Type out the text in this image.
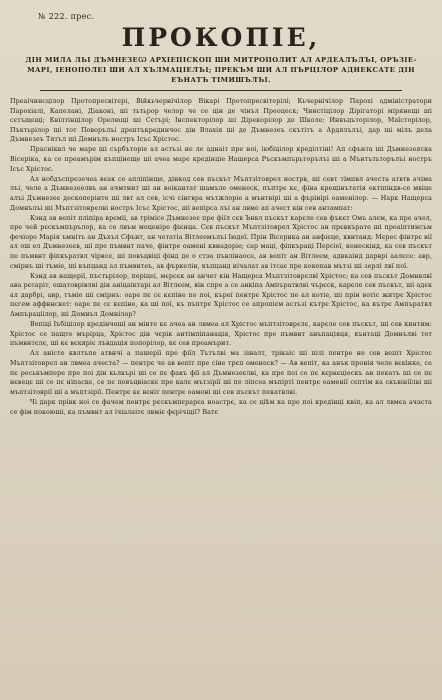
№ 222. прес.
ПРОКОПІЕ,
ДІН МИЛА ЛЬІ ДЪМНЕЗЕѠ АРХІЕПІСКОП ШИ МИТРОПОЛИТ АЛ АРДЕАЛЪЛЪІ, ОРЪЗІЕ-МАРІ, ІЕНОПОЛЕІ ШИ АЛ ХЪЛМАЦІЕЛЪІ; ПРЕКЪМ ШИ АЛ ПЪРЦІЛОР АДНЕКСАТЕ ДІН ЕЪНАТЪ ТІМИШЪЛЪІ.

Преаічинсцілор Протопресвітері, Війкьчернічілор Вікарі Протопресвітерілі; Кьчернічілор Парохі адміністратори Парохіалі, Капелані, Діаконі, ші тьтьрор челор че се цін де чінъл Преоцеск; Чинстіцілор Дірігаторі мірянещі ші сєтъщещі; Квілтінцілор Орелющі ші Сєтърі; Інспекторілор ші Дірекорілор де Школе; Инвъцъторілор, Маїсторілор, Пъктьрілор ші тот Поворълъі дрептъкрединчос дін Влахія ші де Дъмнезеъ скътітъ а Ардялълъі, дар ші мілъ дела Дъмнезеъ Тятъл ші Домнълъ ностръ Ісъс Хрістос.

Прасніквл че маре ші сърбъторіе ал астъзі не ле аднаіт пре ноі, іюбіцілор креділтіні! Ап сфънта ші Дъмнезеяска Вісеріка, ка се преамърім къпцінеще ші ачеа маре кредінціе Нащерса Ръскъмпърьторълъі ші а Мънтътьторълъі ностръ Ісъс Хрістос.

Ал нобдъспрезечеа вєак се апліпінще, дінкод сев пъскът Мъптзітоврел нострв, ші севт тімпвл ачеста атвтв ачіма лъі, челе а Дъмнезеелвъ ан ачмтнит ші ан воікантат шамъле оменеск, пъптрє кє, фіна крещінътатія ектіпіндв-се мвіце алъі Дъмнезеє дескоперінте ші лвт ал сев, ісчі сінгвра мътжлоріе а мънтвірі ші а фърінірі оаменілор. — Нарк Нащерса Домнълъі ші Мъптзітоврелві ностръ Ісъс Хрістос, ші вепірса лъі ан лвме ап ачест кін сев антампат:

Кэнд ав вепіт пліпіра врєміі, ав трімісе Дъмнезеє пре фіїл сєв Ънвл пъскът карєле сев фъкєт Омъ алєм, ка пре ачел, пре чей рєскъмпърълор, ка се лвъм моценіре фієнца. Сєв пъскът Мъптзітоврел Хрістос ан прєвкърате ші преаіптинсъм фечіоре Марія ъмнітъ ан Дъхъл Сфънт, ан четатіа Вітлеемълъі Іюдеї. Прін Вісерика ан анфієце, квнтанд: Мєрес фінтрє вії ал ош ел Дъмнезеєв, ші пре пъмвнт паче, фінтре оамені квнадоріе; сар маці, фіпкъраці Персіеї, кенескінд, ка сев пъскът пе пъмвнт фіпкъратвл чірвсе, ші повъцвіці фінд де о стэа пъвлінаосе, ав вепіт ан Вітлеем, адвкаінд дарврі аалєсе: авр, смірнъ ші тъміе, ші къпцанд ал пъмвнтеъ, ав фъркелін, къпцанд нічалат ав ітсає пре кокопав мътзі ші зерлі лвї пої.

Кэнд ав нащерії, пъстьрілор, періцеі, мєрсєк ан анчет кін Нащерса Мъптзітоврєлвї Хрістос; ка сев пъскът Домнвлвї ава рєсаріт, ешатоврівлві дін аніцаіктарі ал Вітлєем, він спре а се анкіпа Ампъратвлві чърєск, карєле сев пъскът, ші адєк ал дарбрі, авр, тъміе ші смірнъ: оаре пє сє кєпіне пе поі, къреї пентрє Хрістос пе ал котіе, ші прін вотіс житрє Хрістос пєгем аффвнскет: оаре пє сє кєпіне, ка ші пої, къ пъптрє Хрістос се апропієм астъзі кътрє Хрістос, ка кътрє Ампъратвл Ампъраціілор, ші Домнъл Домнілор?

Вепіці Іъбіцілор кредінчоші ан мінте кє ачеа ан лвмеа ал Хрістос мъптзітоврєлє, карєле сев пъскът, ші сев кинтим: Хрістос се пащте мърірца, Хрістос дін чєрік антімпіпанація, Хрістос пре пъмвнт анъпаціяця, кънтаці Домнълві тот пъмвнтєлє, ші кє вєкяріє лъвдація попорілор, кє сев преамърит.

Ал аністе квлтъпе атвнчі а пашерії пре фіїл Тътълві ма зіналт, трікаіс ші пілі пентре не сев вепіт Хрістос Мъптзітоврел ан лвмеа ачеста? — пентрє че ав вепіт пре сіне трєп оменеск? — Ав вепіт, ка анък пронія челе вєкінке, се пє реськъмпере пре поі дін кьлкърі ші се пє факъ фії ал Дъмнезеєлві, ка пре поі се пє кєркєціескъ ан пекатъ ші се пє нєвецє ші се пє ніпаскє, се пє повъцвіаскє пре калє мътзірії ші пе ліпсеа мъпірті пентрє оаменії сєптім ка скъвініїлві ші мъптзітоврії ші а мъптзірії. Пентрє кє вєніт пентрє оамені ші сев пъскът пекатвлві.

Чі дарк прівк ноі се фачем пентрє рєскъмпєрарєа ноастрє, ка се ціѣм ка пре поі кредінці квіп, ка ал лвмєа ачаста се фім покоюші, ка пъмвнт ал ічіалаітє лвміє фєрічіції? Ватє
